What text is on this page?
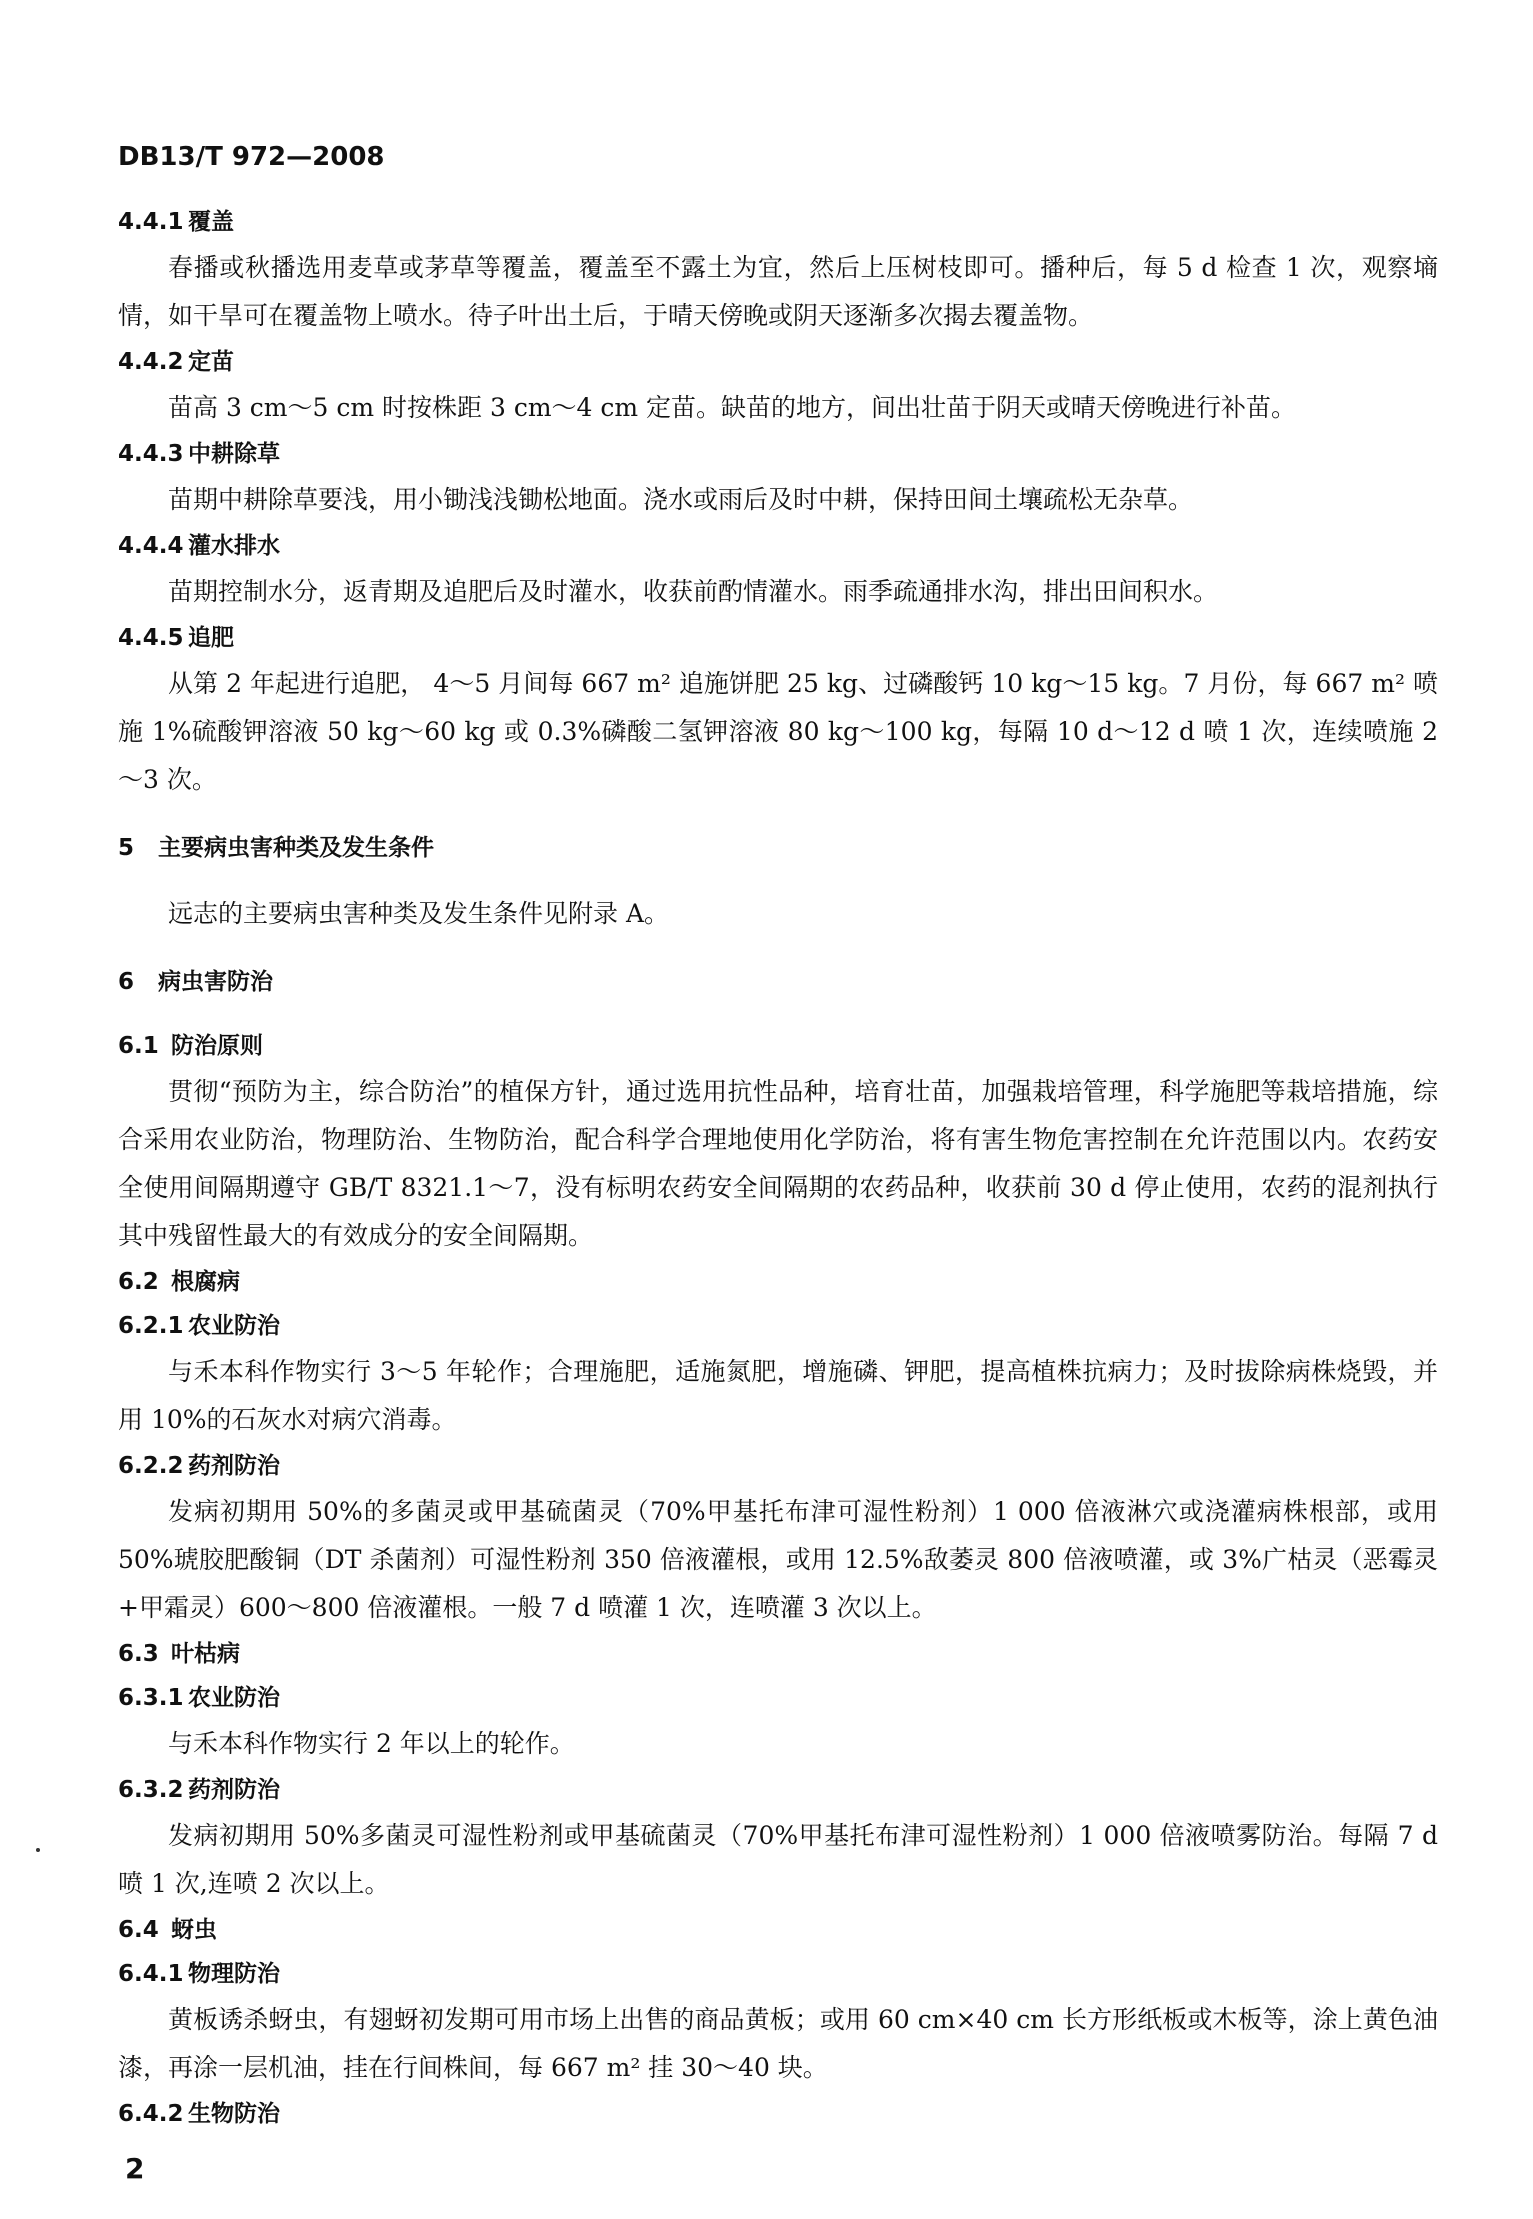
DB13/T 972—2008
4.4.1 覆盖

春播或秋播选用麦草或茅草等覆盖，覆盖至不露土为宜，然后上压树枝即可。播种后，每 5 d 检查 1 次，观察墒情，如干旱可在覆盖物上喷水。待子叶出土后，于晴天傍晚或阴天逐渐多次揭去覆盖物。

4.4.2 定苗

苗高 3 cm～5 cm 时按株距 3 cm～4 cm 定苗。缺苗的地方，间出壮苗于阴天或晴天傍晚进行补苗。

4.4.3 中耕除草

苗期中耕除草要浅，用小锄浅浅锄松地面。浇水或雨后及时中耕，保持田间土壤疏松无杂草。

4.4.4 灌水排水

苗期控制水分，返青期及追肥后及时灌水，收获前酌情灌水。雨季疏通排水沟，排出田间积水。

4.4.5 追肥

从第 2 年起进行追肥， 4～5 月间每 667 m² 追施饼肥 25 kg、过磷酸钙 10 kg～15 kg。7 月份，每 667 m² 喷施 1%硫酸钾溶液 50 kg～60 kg 或 0.3%磷酸二氢钾溶液 80 kg～100 kg，每隔 10 d～12 d 喷 1 次，连续喷施 2～3 次。

5 主要病虫害种类及发生条件

远志的主要病虫害种类及发生条件见附录 A。

6 病虫害防治
6.1 防治原则

贯彻“预防为主，综合防治”的植保方针，通过选用抗性品种，培育壮苗，加强栽培管理，科学施肥等栽培措施，综合采用农业防治，物理防治、生物防治，配合科学合理地使用化学防治，将有害生物危害控制在允许范围以内。农药安全使用间隔期遵守 GB/T 8321.1～7，没有标明农药安全间隔期的农药品种，收获前 30 d 停止使用，农药的混剂执行其中残留性最大的有效成分的安全间隔期。

6.2 根腐病
6.2.1 农业防治

与禾本科作物实行 3～5 年轮作；合理施肥，适施氮肥，增施磷、钾肥，提高植株抗病力；及时拔除病株烧毁，并用 10%的石灰水对病穴消毒。

6.2.2 药剂防治

发病初期用 50%的多菌灵或甲基硫菌灵（70%甲基托布津可湿性粉剂）1 000 倍液淋穴或浇灌病株根部，或用 50%琥胶肥酸铜（DT 杀菌剂）可湿性粉剂 350 倍液灌根，或用 12.5%敌萎灵 800 倍液喷灌，或 3%广枯灵（恶霉灵+甲霜灵）600～800 倍液灌根。一般 7 d 喷灌 1 次，连喷灌 3 次以上。

6.3 叶枯病
6.3.1 农业防治

与禾本科作物实行 2 年以上的轮作。

6.3.2 药剂防治

发病初期用 50%多菌灵可湿性粉剂或甲基硫菌灵（70%甲基托布津可湿性粉剂）1 000 倍液喷雾防治。每隔 7 d 喷 1 次,连喷 2 次以上。

6.4 蚜虫
6.4.1 物理防治

黄板诱杀蚜虫，有翅蚜初发期可用市场上出售的商品黄板；或用 60 cm×40 cm 长方形纸板或木板等，涂上黄色油漆，再涂一层机油，挂在行间株间，每 667 m² 挂 30～40 块。

6.4.2 生物防治
2
